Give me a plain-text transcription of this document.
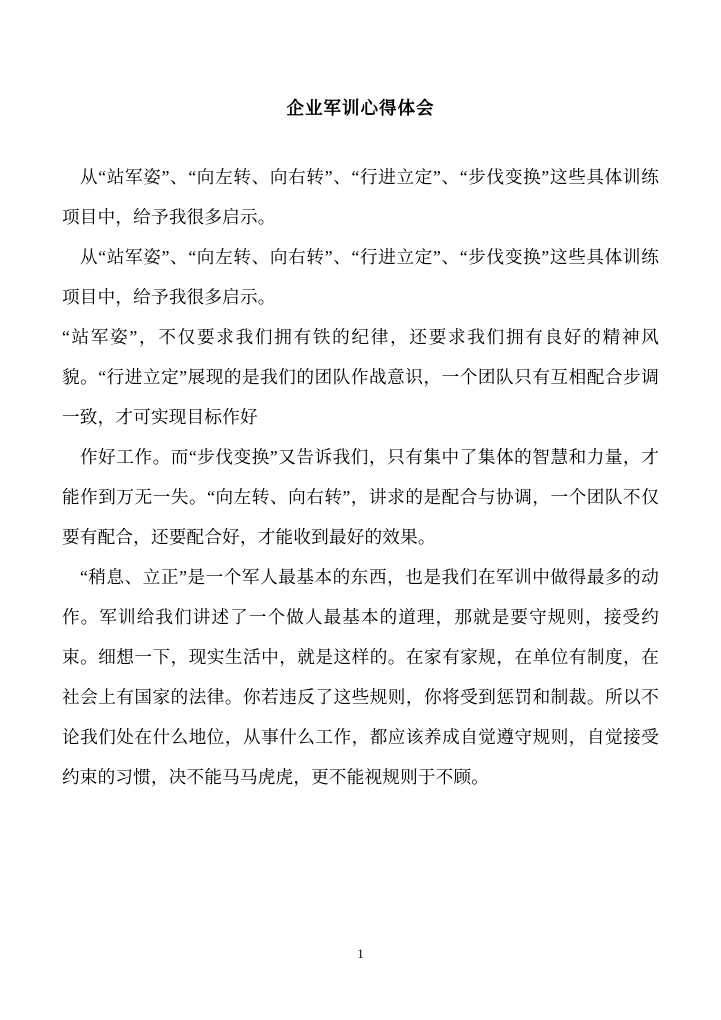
企业军训心得体会

从“站军姿”、“向左转、向右转”、“行进立定”、“步伐变换”这些具体训练项目中，给予我很多启示。

从“站军姿”、“向左转、向右转”、“行进立定”、“步伐变换”这些具体训练项目中，给予我很多启示。

“站军姿”，不仅要求我们拥有铁的纪律，还要求我们拥有良好的精神风貌。“行进立定”展现的是我们的团队作战意识，一个团队只有互相配合步调一致，才可实现目标作好

作好工作。而“步伐变换”又告诉我们，只有集中了集体的智慧和力量，才能作到万无一失。“向左转、向右转”，讲求的是配合与协调，一个团队不仅要有配合，还要配合好，才能收到最好的效果。

“稍息、立正”是一个军人最基本的东西，也是我们在军训中做得最多的动作。军训给我们讲述了一个做人最基本的道理，那就是要守规则，接受约束。细想一下，现实生活中，就是这样的。在家有家规，在单位有制度，在社会上有国家的法律。你若违反了这些规则，你将受到惩罚和制裁。所以不论我们处在什么地位，从事什么工作，都应该养成自觉遵守规则，自觉接受约束的习惯，决不能马马虎虎，更不能视规则于不顾。

1
